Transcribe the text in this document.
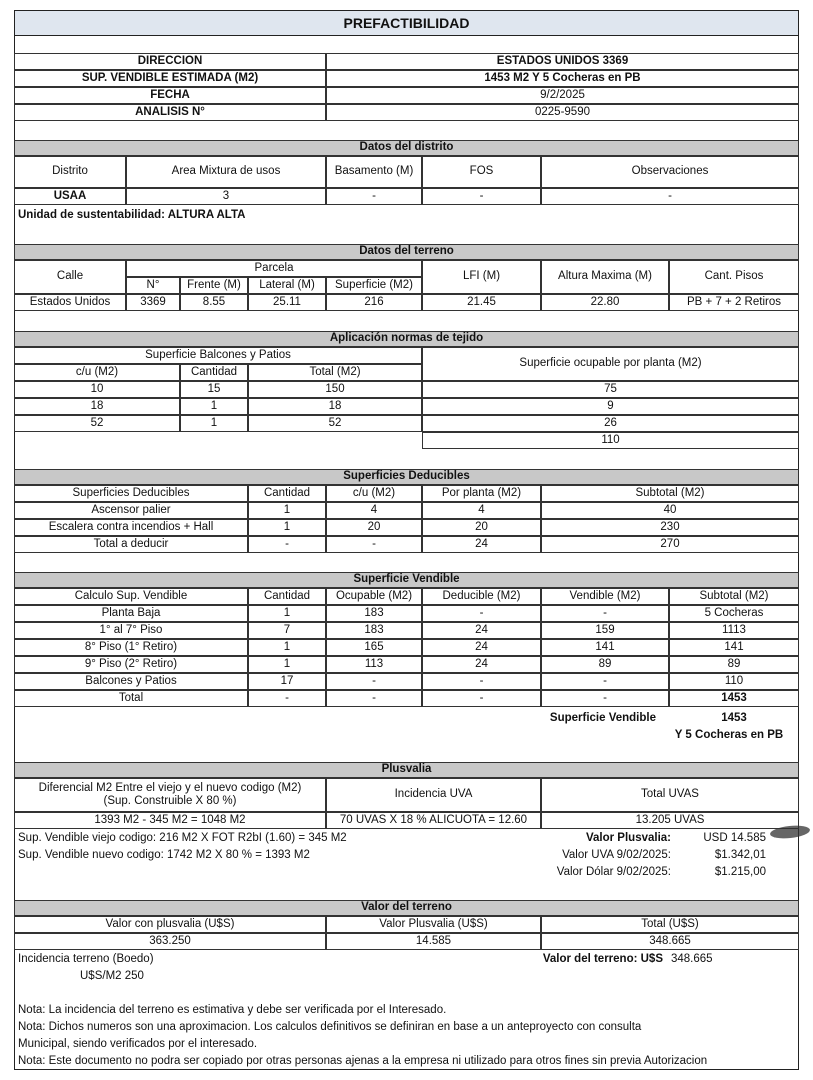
PREFACTIBILIDAD
DIRECCION	ESTADOS UNIDOS 3369
SUP. VENDIBLE ESTIMADA (M2)	1453 M2 Y 5 Cocheras en PB
FECHA	9/2/2025
ANALISIS N°	0225-9590
Datos del distrito
Distrito	Area Mixtura de usos	Basamento (M)	FOS	Observaciones
USAA	3	-	-	-
Unidad de sustentabilidad: ALTURA ALTA
Datos del terreno
Calle
Parcela
N°	Frente (M)	Lateral (M)	Superficie (M2)
LFI (M)	Altura Maxima (M)	Cant. Pisos
Estados Unidos	3369	8.55	25.11	216	21.45	22.80	PB + 7 + 2 Retiros
Aplicación normas de tejido
Superficie Balcones y Patios
c/u (M2)	Cantidad	Total (M2)
Superficie ocupable por planta (M2)
10	15	150	75
18	1	18	9
52	1	52	26
110
Superficies Deducibles
Superficies Deducibles	Cantidad	c/u (M2)	Por planta (M2)	Subtotal (M2)
Ascensor palier	1	4	4	40
Escalera contra incendios + Hall	1	20	20	230
Total a deducir	-	-	24	270
Superficie Vendible
Calculo Sup. Vendible	Cantidad	Ocupable (M2)	Deducible (M2)	Vendible (M2)	Subtotal (M2)
Planta Baja	1	183	-	-	5 Cocheras
1° al 7° Piso	7	183	24	159	1113
8° Piso (1° Retiro)	1	165	24	141	141
9° Piso (2° Retiro)	1	113	24	89	89
Balcones y Patios	17	-	-	-	110
Total	-	-	-	-	1453
Superficie Vendible	1453
Y 5 Cocheras en PB
Plusvalia
Diferencial M2 Entre el viejo y el nuevo codigo (M2)
(Sup. Construible X 80 %)
Incidencia UVA	Total UVAS
1393 M2 - 345 M2 = 1048 M2	70 UVAS X 18 % ALICUOTA = 12.60	13.205 UVAS
Sup. Vendible viejo codigo: 216 M2 X FOT R2bI (1.60) = 345 M2
Sup. Vendible nuevo codigo: 1742 M2 X 80 % = 1393 M2
Valor Plusvalia:	USD 14.585
Valor UVA 9/02/2025:	$1.342,01
Valor Dólar 9/02/2025:	$1.215,00
Valor del terreno
Valor con plusvalia (U$S)	Valor Plusvalia (U$S)	Total (U$S)
363.250	14.585	348.665
Incidencia terreno (Boedo)
U$S/M2 250
Valor del terreno: U$S 348.665
Nota: La incidencia del terreno es estimativa y debe ser verificada por el Interesado.
Nota: Dichos numeros son una aproximacion. Los calculos definitivos se definiran en base a un anteproyecto con consulta
Municipal, siendo verificados por el interesado.
Nota: Este documento no podra ser copiado por otras personas ajenas a la empresa ni utilizado para otros fines sin previa Autorizacion
